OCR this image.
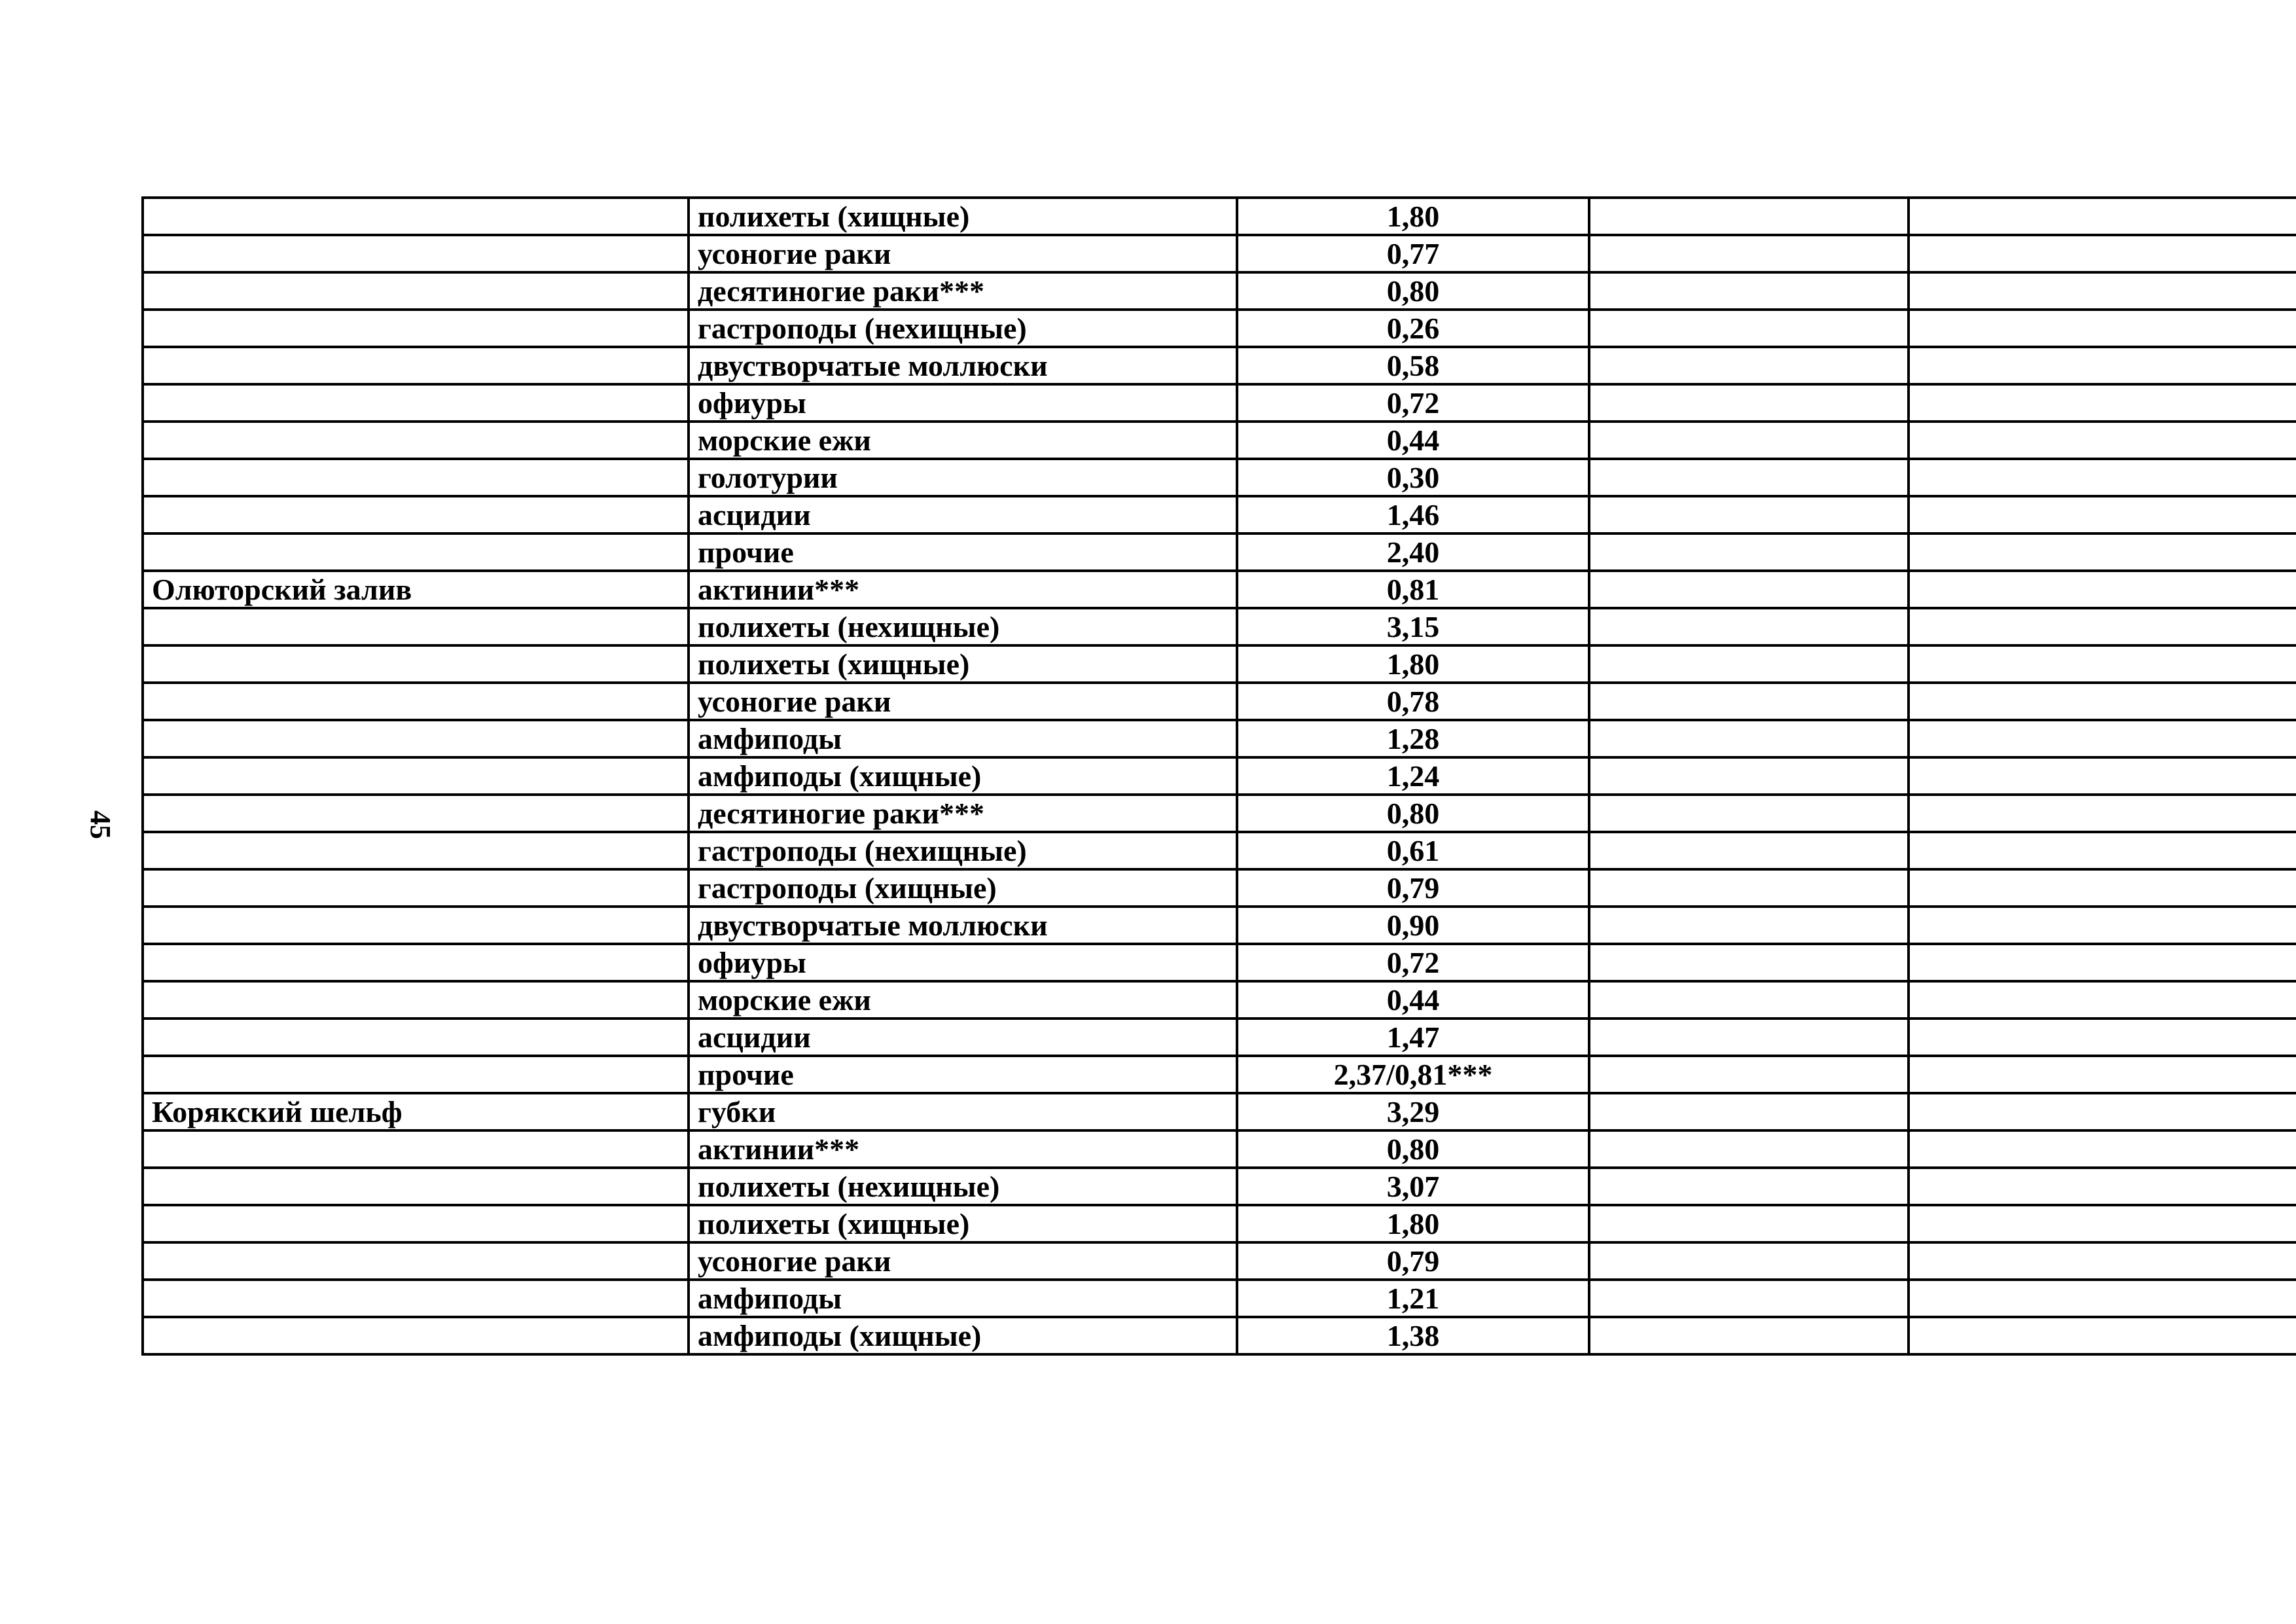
45
	полихеты (хищные)	1,80		
	усоногие раки	0,77		
	десятиногие раки***	0,80		
	гастроподы (нехищные)	0,26		
	двустворчатые моллюски	0,58		
	офиуры	0,72		
	морские ежи	0,44		
	голотурии	0,30		
	асцидии	1,46		
	прочие	2,40		
Олюторский залив	актинии***	0,81		
	полихеты (нехищные)	3,15		
	полихеты (хищные)	1,80		
	усоногие раки	0,78		
	амфиподы	1,28		
	амфиподы (хищные)	1,24		
	десятиногие раки***	0,80		
	гастроподы (нехищные)	0,61		
	гастроподы (хищные)	0,79		
	двустворчатые моллюски	0,90		
	офиуры	0,72		
	морские ежи	0,44		
	асцидии	1,47		
	прочие	2,37/0,81***		
Корякский шельф	губки	3,29		
	актинии***	0,80		
	полихеты (нехищные)	3,07		
	полихеты (хищные)	1,80		
	усоногие раки	0,79		
	амфиподы	1,21		
	амфиподы (хищные)	1,38		
